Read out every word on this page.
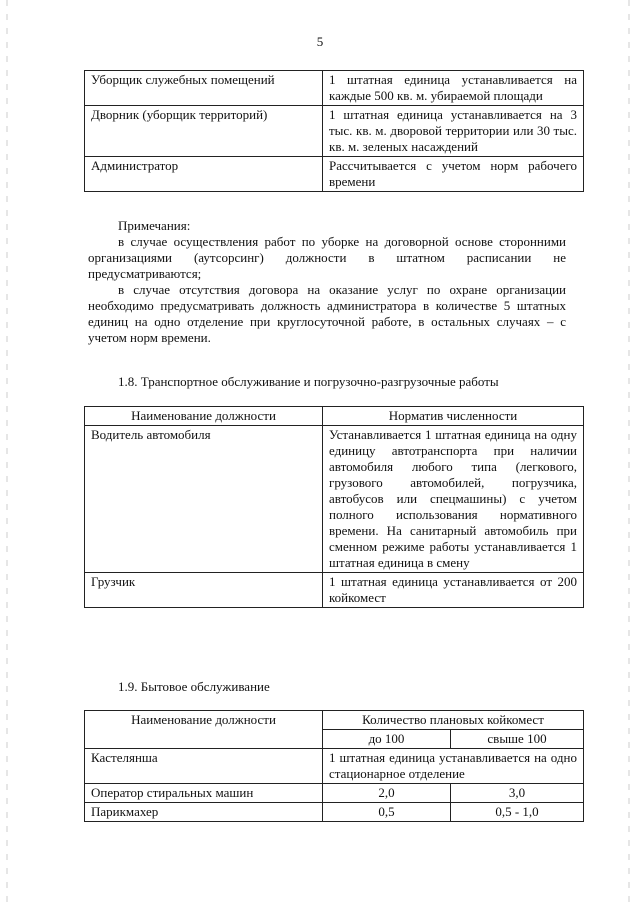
5
Уборщик служебных помещений	1 штатная единица устанавливается на каждые 500 кв. м. убираемой площади
Дворник (уборщик территорий)	1 штатная единица устанавливается на 3 тыс. кв. м. дворовой территории или 30 тыс. кв. м. зеленых насаждений
Администратор	Рассчитывается с учетом норм рабочего времени

Примечания:

в случае осуществления работ по уборке на договорной основе сторонними организациями (аутсорсинг) должности в штатном расписании не предусматриваются;

в случае отсутствия договора на оказание услуг по охране организации необходимо предусматривать должность администратора в количестве 5 штатных единиц на одно отделение при круглосуточной работе, в остальных случаях – с учетом норм времени.

1.8. Транспортное обслуживание и погрузочно-разгрузочные работы
Наименование должности	Норматив численности
Водитель автомобиля	Устанавливается 1 штатная единица на одну единицу автотранспорта при наличии автомобиля любого типа (легкового, грузового автомобилей, погрузчика, автобусов или спецмашины) с учетом полного использования нормативного времени. На санитарный автомобиль при сменном режиме работы устанавливается 1 штатная единица в смену
Грузчик	1 штатная единица устанавливается от 200 койкомест
1.9. Бытовое обслуживание
Наименование должности	Количество плановых койкомест	
	до 100	свыше 100
Кастелянша	1 штатная единица устанавливается на одно стационарное отделение	
Оператор стиральных машин	2,0	3,0
Парикмахер	0,5	0,5 - 1,0
